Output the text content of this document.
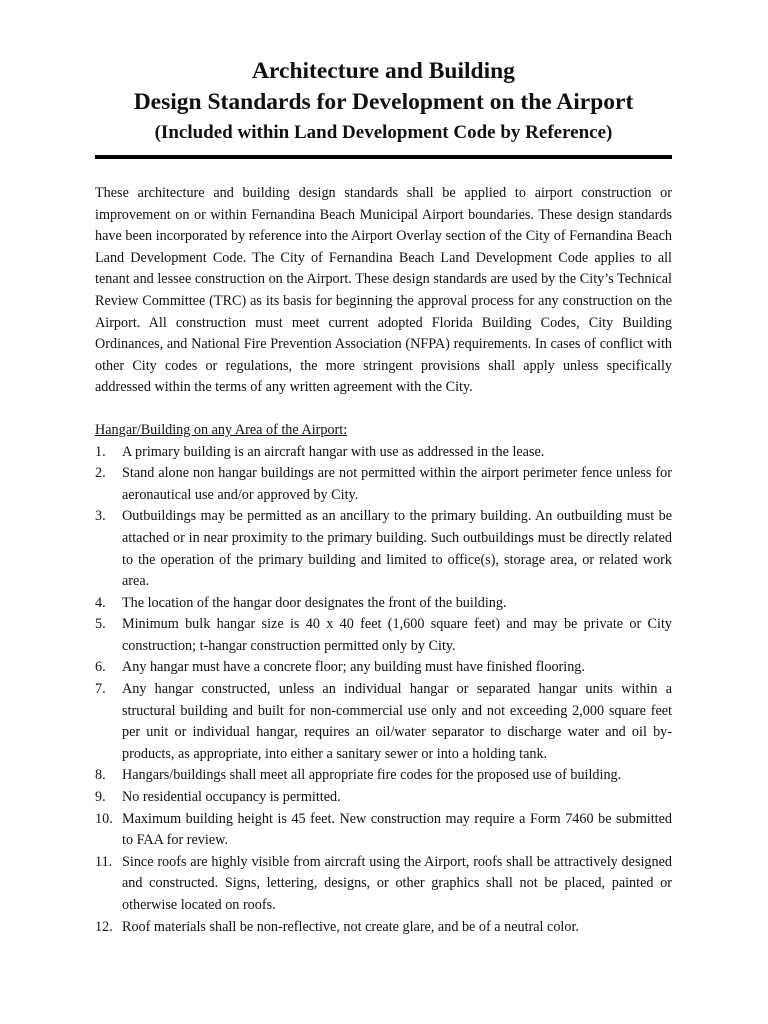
Architecture and Building

Design Standards for Development on the Airport

(Included within Land Development Code by Reference)

These architecture and building design standards shall be applied to airport construction or improvement on or within Fernandina Beach Municipal Airport boundaries. These design standards have been incorporated by reference into the Airport Overlay section of the City of Fernandina Beach Land Development Code. The City of Fernandina Beach Land Development Code applies to all tenant and lessee construction on the Airport. These design standards are used by the City’s Technical Review Committee (TRC) as its basis for beginning the approval process for any construction on the Airport. All construction must meet current adopted Florida Building Codes, City Building Ordinances, and National Fire Prevention Association (NFPA) requirements. In cases of conflict with other City codes or regulations, the more stringent provisions shall apply unless specifically addressed within the terms of any written agreement with the City.

Hangar/Building on any Area of the Airport:

1.	A primary building is an aircraft hangar with use as addressed in the lease.
2.	Stand alone non hangar buildings are not permitted within the airport perimeter fence unless for aeronautical use and/or approved by City.
3.	Outbuildings may be permitted as an ancillary to the primary building. An outbuilding must be attached or in near proximity to the primary building. Such outbuildings must be directly related to the operation of the primary building and limited to office(s), storage area, or related work area.
4.	The location of the hangar door designates the front of the building.
5.	Minimum bulk hangar size is 40 x 40 feet (1,600 square feet) and may be private or City construction; t-hangar construction permitted only by City.
6.	Any hangar must have a concrete floor; any building must have finished flooring.
7.	Any hangar constructed, unless an individual hangar or separated hangar units within a structural building and built for non-commercial use only and not exceeding 2,000 square feet per unit or individual hangar, requires an oil/water separator to discharge water and oil by-products, as appropriate, into either a sanitary sewer or into a holding tank.
8.	Hangars/buildings shall meet all appropriate fire codes for the proposed use of building.
9.	No residential occupancy is permitted.
10. Maximum building height is 45 feet. New construction may require a Form 7460 be submitted to FAA for review.
11. Since roofs are highly visible from aircraft using the Airport, roofs shall be attractively designed and constructed. Signs, lettering, designs, or other graphics shall not be placed, painted or otherwise located on roofs.
12. Roof materials shall be non-reflective, not create glare, and be of a neutral color.
